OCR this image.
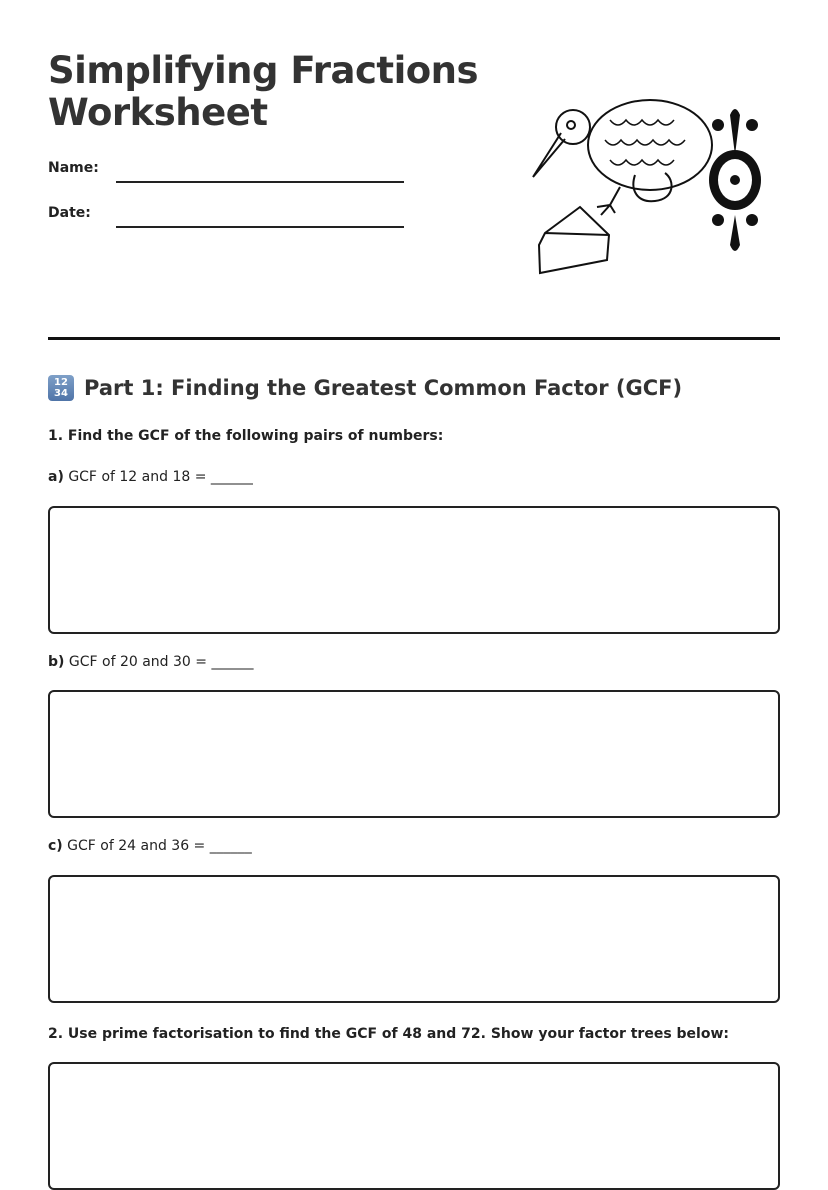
Simplifying Fractions
Worksheet
Name:
Date:
12
34 Part 1: Finding the Greatest Common Factor (GCF)
1. Find the GCF of the following pairs of numbers:
a) GCF of 12 and 18 = ______
b) GCF of 20 and 30 = ______
c) GCF of 24 and 36 = ______
2. Use prime factorisation to find the GCF of 48 and 72. Show your factor trees below:
